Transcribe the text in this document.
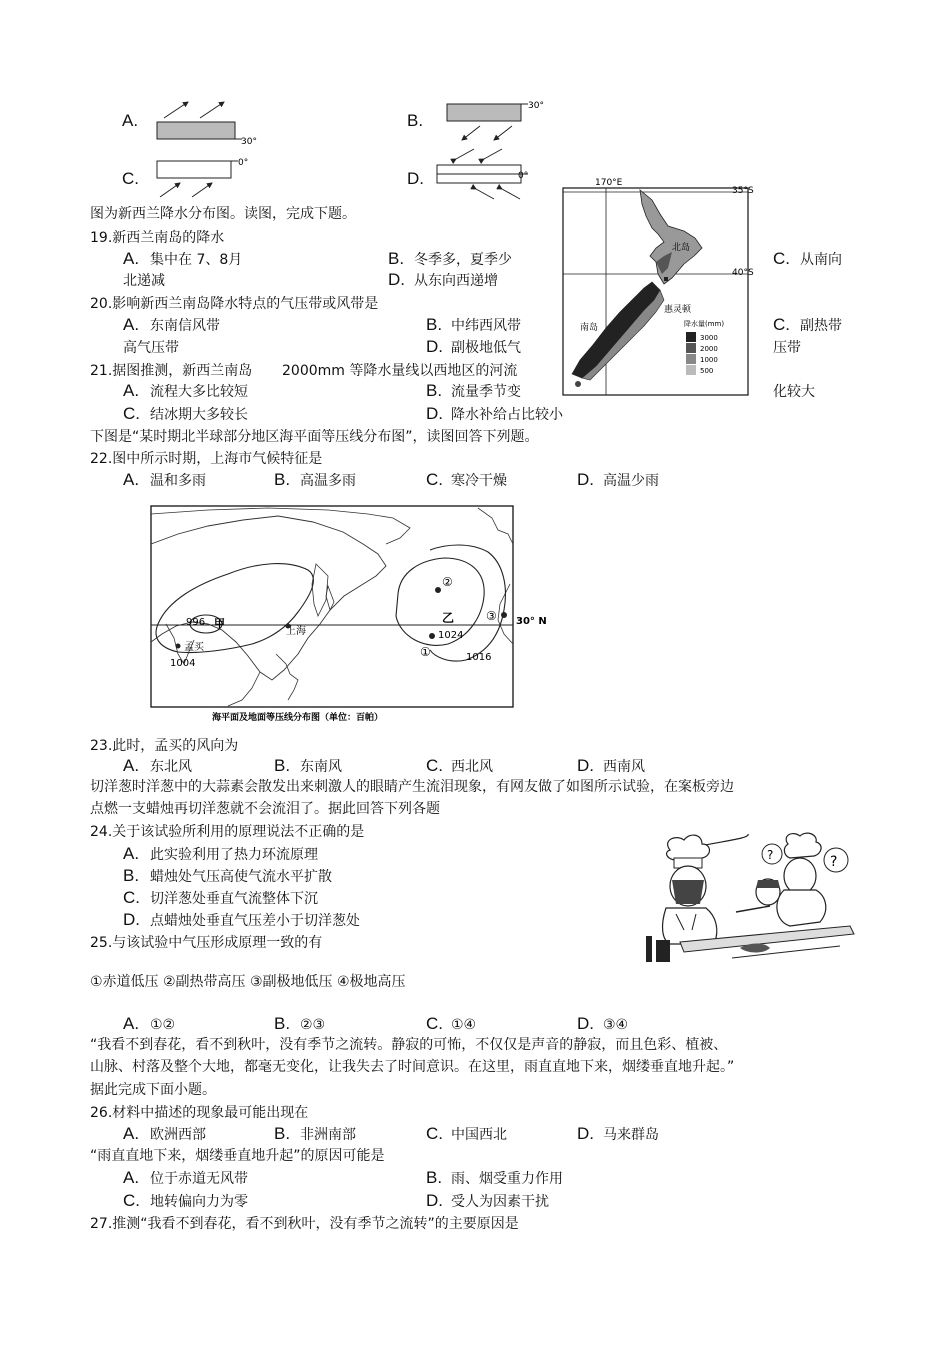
A.
30°
B.
30°
C.
0°
D.	0°
170°E
35°S
40°S
北岛
惠灵顿
南岛	降水量(mm)
3000
2000
1000
500
图为新西兰降水分布图。读图，完成下题。
19.新西兰南岛的降水
A. 集中在 7、8月	B. 冬季多，夏季少	C. 从南向
北递减	D. 从东向西递增
20.影响新西兰南岛降水特点的气压带或风带是
A. 东南信风带	B. 中纬西风带	C. 副热带
高气压带	D. 副极地低气	压带
21.据图推测，新西兰南岛 2000mm 等降水量线以西地区的河流
A. 流程大多比较短	B. 流量季节变	化较大
C. 结冰期大多较长	D. 降水补给占比较小
下图是“某时期北半球部分地区海平面等压线分布图”，读图回答下列题。
22.图中所示时期，上海市气候特征是
A. 温和多雨	B. 高温多雨	C. 寒冷干燥	D. 高温少雨
996 甲
上海
孟买
1004
乙
1024
1016
①
②
③ 30° N
海平面及地面等压线分布图（单位：百帕）
23.此时，孟买的风向为
A. 东北风	B. 东南风	C. 西北风	D. 西南风
切洋葱时洋葱中的大蒜素会散发出来刺激人的眼睛产生流泪现象，有网友做了如图所示试验，在案板旁边
点燃一支蜡烛再切洋葱就不会流泪了。据此回答下列各题
24.关于该试验所利用的原理说法不正确的是
A. 此实验利用了热力环流原理
B. 蜡烛处气压高使气流水平扩散
C. 切洋葱处垂直气流整体下沉
D. 点蜡烛处垂直气压差小于切洋葱处
25.与该试验中气压形成原理一致的有
①赤道低压 ②副热带高压 ③副极地低压 ④极地高压
A. ①②	B. ②③	C. ①④	D. ③④
?	?
“我看不到春花，看不到秋叶，没有季节之流转。静寂的可怖，不仅仅是声音的静寂，而且色彩、植被、
山脉、村落及整个大地，都毫无变化，让我失去了时间意识。在这里，雨直直地下来，烟缕垂直地升起。”
据此完成下面小题。
26.材料中描述的现象最可能出现在
A. 欧洲西部	B. 非洲南部	C. 中国西北	D. 马来群岛
“雨直直地下来，烟缕垂直地升起”的原因可能是
A. 位于赤道无风带	B. 雨、烟受重力作用
C. 地转偏向力为零	D. 受人为因素干扰
27.推测“我看不到春花，看不到秋叶，没有季节之流转”的主要原因是
